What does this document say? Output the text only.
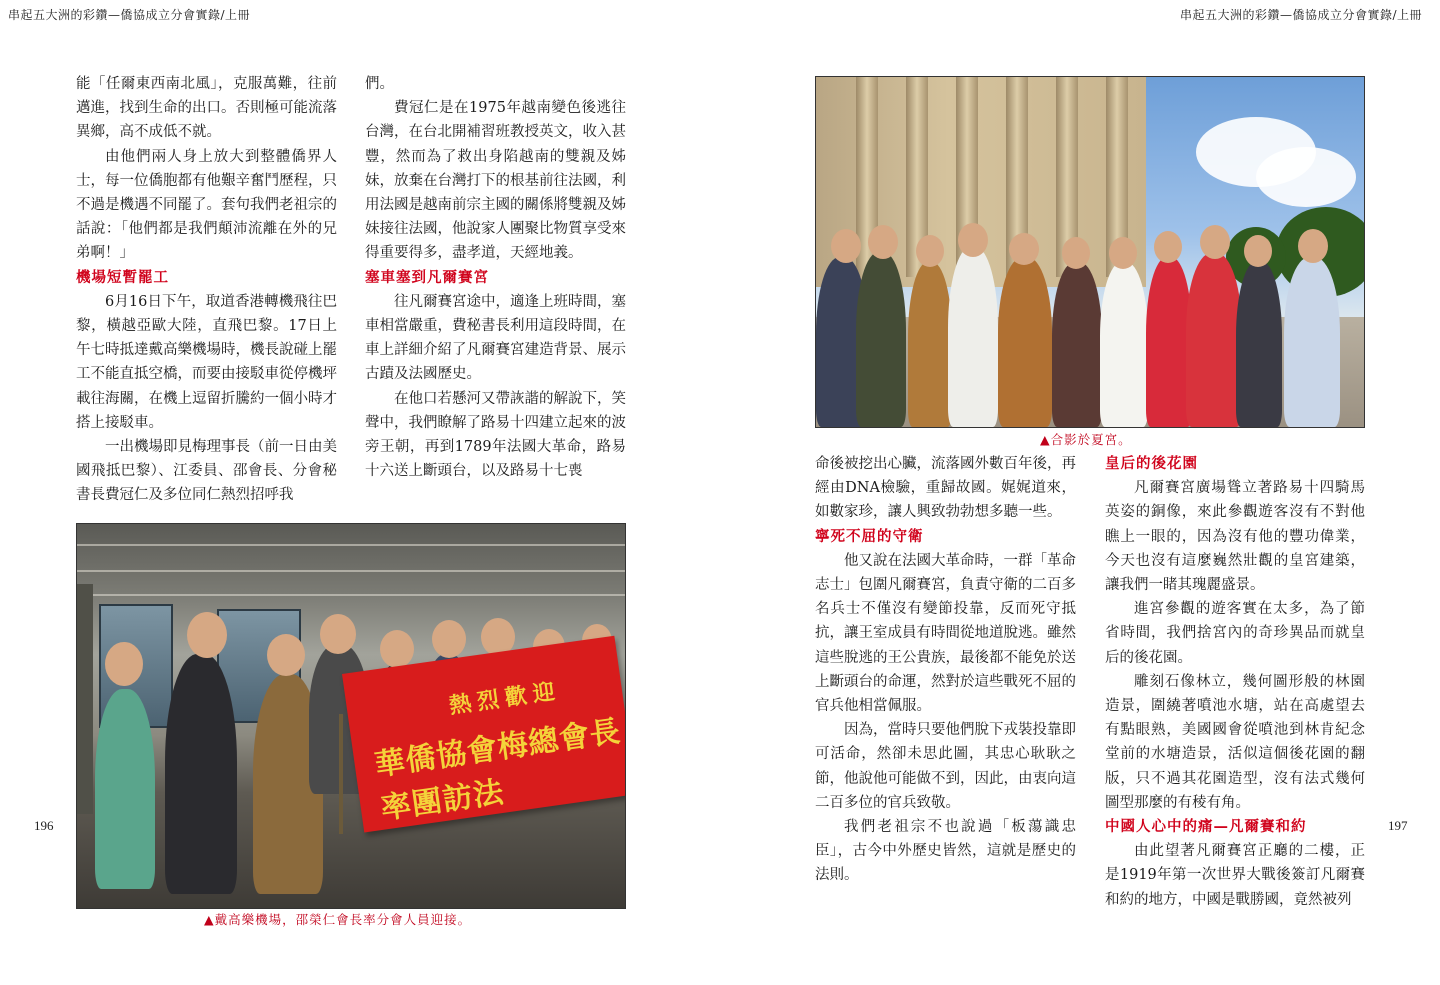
串起五大洲的彩鑽—僑協成立分會實錄/上冊

能「任爾東西南北風」，克服萬難，往前邁進，找到生命的出口。否則極可能流落異鄉，高不成低不就。

由他們兩人身上放大到整體僑界人士，每一位僑胞都有他艱辛奮鬥歷程，只不過是機遇不同罷了。套句我們老祖宗的話說：「他們都是我們顛沛流離在外的兄弟啊！」

機場短暫罷工

6月16日下午，取道香港轉機飛往巴黎，橫越亞歐大陸，直飛巴黎。17日上午七時抵達戴高樂機場時，機長說碰上罷工不能直抵空橋，而要由接駁車從停機坪載往海關，在機上逗留折騰約一個小時才搭上接駁車。

一出機場即見梅理事長（前一日由美國飛抵巴黎）、江委員、邵會長、分會秘書長費冠仁及多位同仁熱烈招呼我

們。

費冠仁是在1975年越南變色後逃往台灣，在台北開補習班教授英文，收入甚豐，然而為了救出身陷越南的雙親及姊妹，放棄在台灣打下的根基前往法國，利用法國是越南前宗主國的關係將雙親及姊妹接往法國，他說家人團聚比物質享受來得重要得多，盡孝道，天經地義。

塞車塞到凡爾賽宮

往凡爾賽宮途中，適逢上班時間，塞車相當嚴重，費秘書長利用這段時間，在車上詳細介紹了凡爾賽宮建造背景、展示古蹟及法國歷史。

在他口若懸河又帶詼諧的解說下，笑聲中，我們瞭解了路易十四建立起來的波旁王朝，再到1789年法國大革命，路易十六送上斷頭台，以及路易十七喪

熱烈歡迎
華僑協會梅總會長率團訪法
▲戴高樂機場，邵榮仁會長率分會人員迎接。
196
串起五大洲的彩鑽—僑協成立分會實錄/上冊
▲合影於夏宮。

命後被挖出心臟，流落國外數百年後，再經由DNA檢驗，重歸故國。娓娓道來，如數家珍，讓人興致勃勃想多聽一些。

寧死不屈的守衛

他又說在法國大革命時，一群「革命志士」包圍凡爾賽宮，負責守衛的二百多名兵士不僅沒有變節投靠，反而死守抵抗，讓王室成員有時間從地道脫逃。雖然這些脫逃的王公貴族，最後都不能免於送上斷頭台的命運，然對於這些戰死不屈的官兵他相當佩服。

因為，當時只要他們脫下戎裝投靠即可活命，然卻未思此圖，其忠心耿耿之節，他說他可能做不到，因此，由衷向這二百多位的官兵致敬。

我們老祖宗不也說過「板蕩識忠臣」，古今中外歷史皆然，這就是歷史的法則。

皇后的後花園

凡爾賽宮廣場聳立著路易十四騎馬英姿的銅像，來此參觀遊客沒有不對他瞧上一眼的，因為沒有他的豐功偉業，今天也沒有這麼巍然壯觀的皇宮建築，讓我們一睹其瑰麗盛景。

進宮參觀的遊客實在太多，為了節省時間，我們捨宮內的奇珍異品而就皇后的後花園。

雕刻石像林立，幾何圖形般的林園造景，圍繞著噴池水塘，站在高處望去有點眼熟，美國國會從噴池到林肯紀念堂前的水塘造景，活似這個後花園的翻版，只不過其花園造型，沒有法式幾何圖型那麼的有稜有角。

中國人心中的痛—凡爾賽和約

由此望著凡爾賽宮正廳的二樓，正是1919年第一次世界大戰後簽訂凡爾賽和約的地方，中國是戰勝國，竟然被列

197
